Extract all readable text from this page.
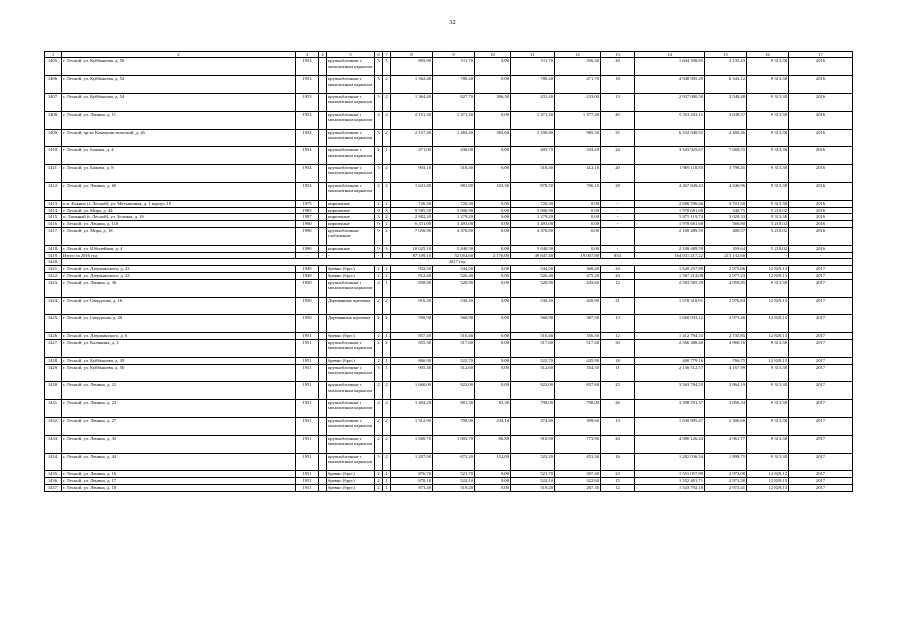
32
1	2	3	4	5	6	7	8	9	10	11	12	13	14	15	16	17
1405.	г. Лесной, ул. Куйбышева, д. 50	1953		крупноблочные с монолитным каркасом	3	1	895,90	511,70	0,00	511,70	356,30	20	1 604 398,85	3 135,43	9 313,38	2016
1406.	г. Лесной, ул. Куйбышева, д. 52	1953		крупноблочные с монолитным каркасом	3	2	1 562,40	780,20	0,00	780,20	471,70	18	4 948 905,29	6 343,12	9 313,38	2016
1407.	г. Лесной, ул. Куйбышева, д. 54	1953		крупноблочные с монолитным каркасом	3	2	1 364,40	827,70	396,30	431,40	233,00	13	2 937 080,50	3 548,48	9 313,38	2016
1408.	г. Лесной, ул. Ленина, д. 11	1953		крупноблочные с монолитным каркасом	3	2	2 151,30	1 471,30	0,00	1 471,30	1 377,40	40	5 353 433,11	3 638,57	9 313,38	2016
1409.	г. Лесной, пр-кт Коммунистический, д. 26	1954		крупноблочные с монолитным каркасом	3	2	2 157,40	1 484,40	383,60	1 100,80	985,50	35	6 532 040,55	4 400,46	9 313,38	2016
1410.	г. Лесной, ул. Бажова, д. 4	1954		крупноблочные с монолитным каркасом	2	1	471,00	436,00	0,00	405,70	343,20	24	3 343 925,67	7 669,55	9 313,38	2016
1411.	г. Лесной, ул. Бажова, д. 8	1954		крупноблочные с монолитным каркасом	3	2	903,10	518,40	0,00	518,40	412,10	20	1 969 118,85	3 798,45	9 313,38	2016
1412.	г. Лесной, ул. Ленина, д. 60	1954		крупноблочные с монолитным каркасом	2	2	1 641,80	981,80	103,30	878,50	706,10	28	4 267 849,43	4 346,96	9 313,38	2016
1413.	п.п. Елкино (г. Лесной), ул. Мельничная, д. 1 корпус 10	1975		кирпичные	2	2	726,30	726,30	0,00	726,30	0,00	-	2 688 596,66	3 701,50	9 313,38	2016
1414.	г. Лесной, ул. Мира, д. 44	1985		кирпичные	9	3	9 585,50	5 806,90	0,00	5 806,90	0,00	-	1 978 681,68	340,75	5 218,02	2016
1415.	п. Таежный (г. Лесной), ул. Зеленая, д. 16	1987		кирпичные	3	2	2 882,20	1 279,20	0,00	1 279,20	0,00	-	5 875 119,74	3 029,33	9 313,38	2016
1416.	г. Лесной, ул. Ленина, д. 118	1990		кирпичные	9	2	6 311,00	3 491,00	0,00	3 491,00	0,00	-	1 978 681,68	566,80	5 218,02	2016
1417.	г. Лесной, ул. Мира, д. 18	1990		крупноблочные глобальные	9	2	7 056,90	4 370,80	0,00	4 370,80	0,00	-	2 100 489,59	480,57	5 218,02	2016
1418.	г. Лесной, ул. Юбилейная, д. 4	1990		кирпичные	9	3	10 025,10	5 840,50	0,00	5 840,50	0,00	-	2 100 489,59	359,64	5 218,02	2016
1419.	Итого за 2016 год	-	-	-	-	-	87 109,10	52 054,60	2 176,00	49 847,40	19 007,80	854	164 031 217,22	213 132,60	-	-
1420.	2017 год															
1421.	г. Лесной, ул. Дзержинского, д. 23	1949		брeвно (брус)	2	2	932,50	544,50	0,00	544,50	368,20	24	1 620 257,89	2 975,66	12 829,13	2017
1422.	г. Лесной, ул. Дзержинского, д. 23	1949		брeвно (брус)	2	2	912,40	526,40	0,00	526,40	475,20	20	1 567 214,08	2 977,23	12 829,13	2017
1423.	г. Лесной, ул. Ленина, д. 36	1950		крупноблочные с монолитным каркасом	2	1	858,90	520,90	0,00	520,90	443,60	12	2 583 585,39	4 959,85	9 313,38	2017
1424.	г. Лесной, ул. Свердлова, д. 16	1950		Деревянные щитовые	2	2	916,20	530,20	0,00	530,20	420,90	21	1 578 318,91	2 976,84	12 829,13	2017
1425.	г. Лесной, ул. Свердлова, д. 20	1950		Деревянные щитовые	2	2	958,90	560,90	0,00	560,90	387,30	13	1 668 933,12	2 975,46	12 829,13	2017
1426.	г. Лесной, ул. Дзержинского, д. 6	1951		брeвно (брус)	2	1	857,40	516,40	0,00	516,40	356,50	12	1 412 794,33	2 735,85	12 829,13	2017
1427.	г. Лесной, ул. Калинина, д. 3	1951		крупноблочные с монолитным каркасом	2	2	855,30	517,60	0,00	517,60	517,40	30	2 566 388,40	4 960,16	9 313,38	2017
1428.	г. Лесной, ул. Куйбышева, д. 49	1951		брeвно (брус)	2	1	866,90	522,70	0,00	522,70	445,90	18	400 779,16	766,75	12 829,13	2017
1429.	г. Лесной, ул. Куйбышева, д. 56	1951		крупноблочные с монолитным каркасом	3	1	905,40	512,60	0,00	512,60	354,50	11	2 136 512,57	4 167,99	9 313,38	2017
1430.	г. Лесной, ул. Ленина, д. 21	1951		крупноблочные с монолитным каркасом	2	2	1 660,00	922,00	0,00	922,00	837,60	25	3 563 784,55	3 864,19	9 313,38	2017
1431.	г. Лесной, ул. Ленина, д. 23	1951		крупноблочные с монолитным каркасом	2	2	1 494,20	881,30	83,30	798,00	798,00	26	3 398 591,37	3 856,34	9 313,38	2017
1432.	г. Лесной, ул. Ленина, д. 27	1951		крупноблочные с монолитным каркасом	2	2	1 312,90	708,90	234,10	474,80	399,60	14	1 630 895,47	2 300,60	9 313,38	2017
1433.	г. Лесной, ул. Ленина, д. 35	1951		крупноблочные с монолитным каркасом	2	2	1 680,70	1 003,70	86,80	916,90	773,90	20	4 980 126,43	4 961,77	9 313,38	2017
1434.	г. Лесной, ул. Ленина, д. 44	1951		крупноблочные с монолитным каркасом	3	2	1 207,90	675,20	152,00	523,20	453,30	16	1 282 036,34	1 898,75	9 313,38	2017
1435.	г. Лесной, ул. Ленина, д. 16	1951		брeвно (брус)	2	1	876,70	521,70	0,00	521,70	397,40	23	1 551 057,89	2 973,08	12 829,13	2017
1436.	г. Лесной, ул. Ленина, д. 17	1951		брeвно (брус)	2	1	878,10	522,10	0,00	522,10	322,60	15	1 552 401,71	2 973,38	12 829,13	2017
1437.	г. Лесной, ул. Ленина, д. 18	1951		брeвно (брус)	2	1	873,40	519,20	0,00	519,20	267,30	12	1 543 792,18	2 973,41	12 829,13	2017
